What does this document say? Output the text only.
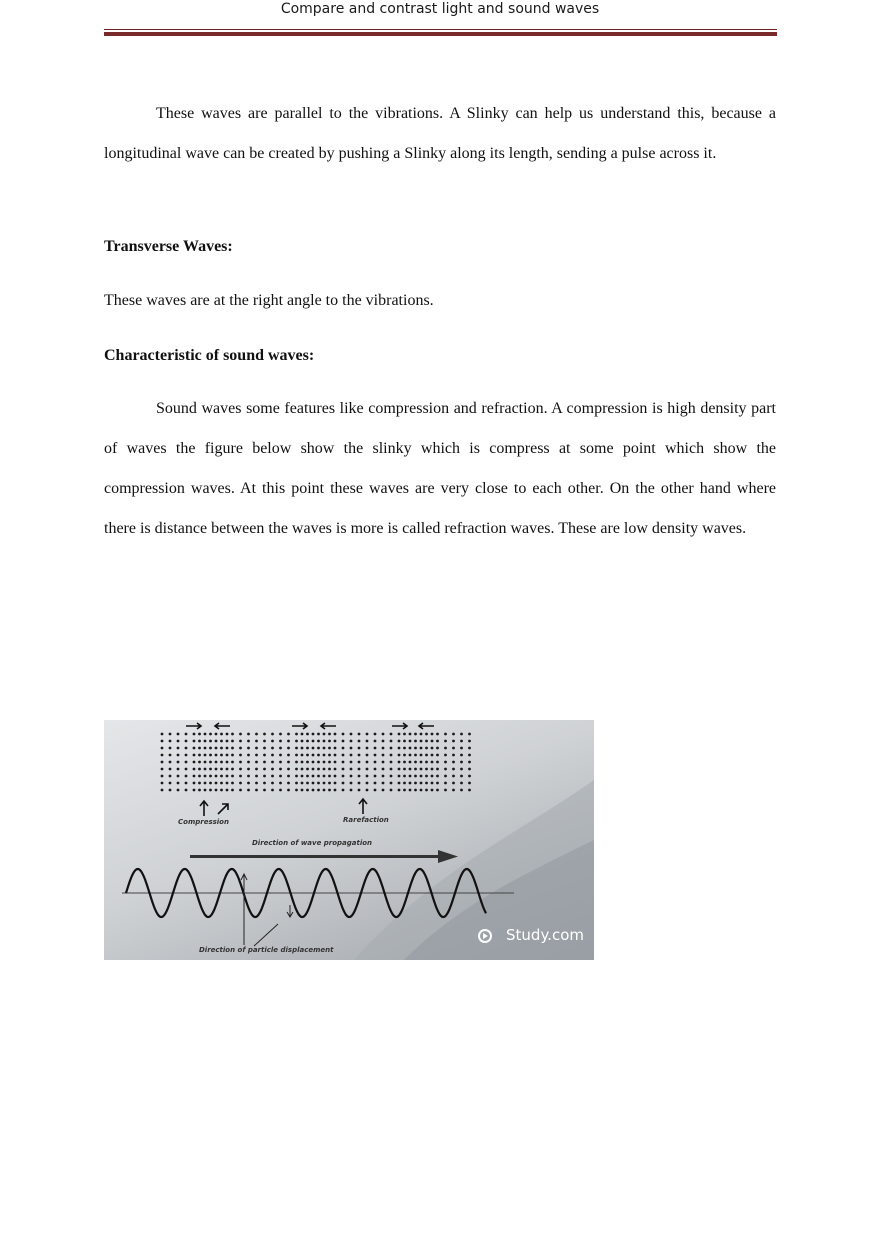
Compare and contrast light and sound waves

These waves are parallel to the vibrations. A Slinky can help us understand this, because a longitudinal wave can be created by pushing a Slinky along its length, sending a pulse across it.

Transverse Waves:

These waves are at the right angle to the vibrations.

Characteristic of sound waves:

Sound waves some features like compression and refraction. A compression is high density part of waves the figure below show the slinky which is compress at some point which show the compression waves. At this point these waves are very close to each other. On the other hand where there is distance between the waves is more is called refraction waves. These are low density waves.

Compression	Rarefaction
Direction of wave propagation
Direction of particle displacement
Study.com
